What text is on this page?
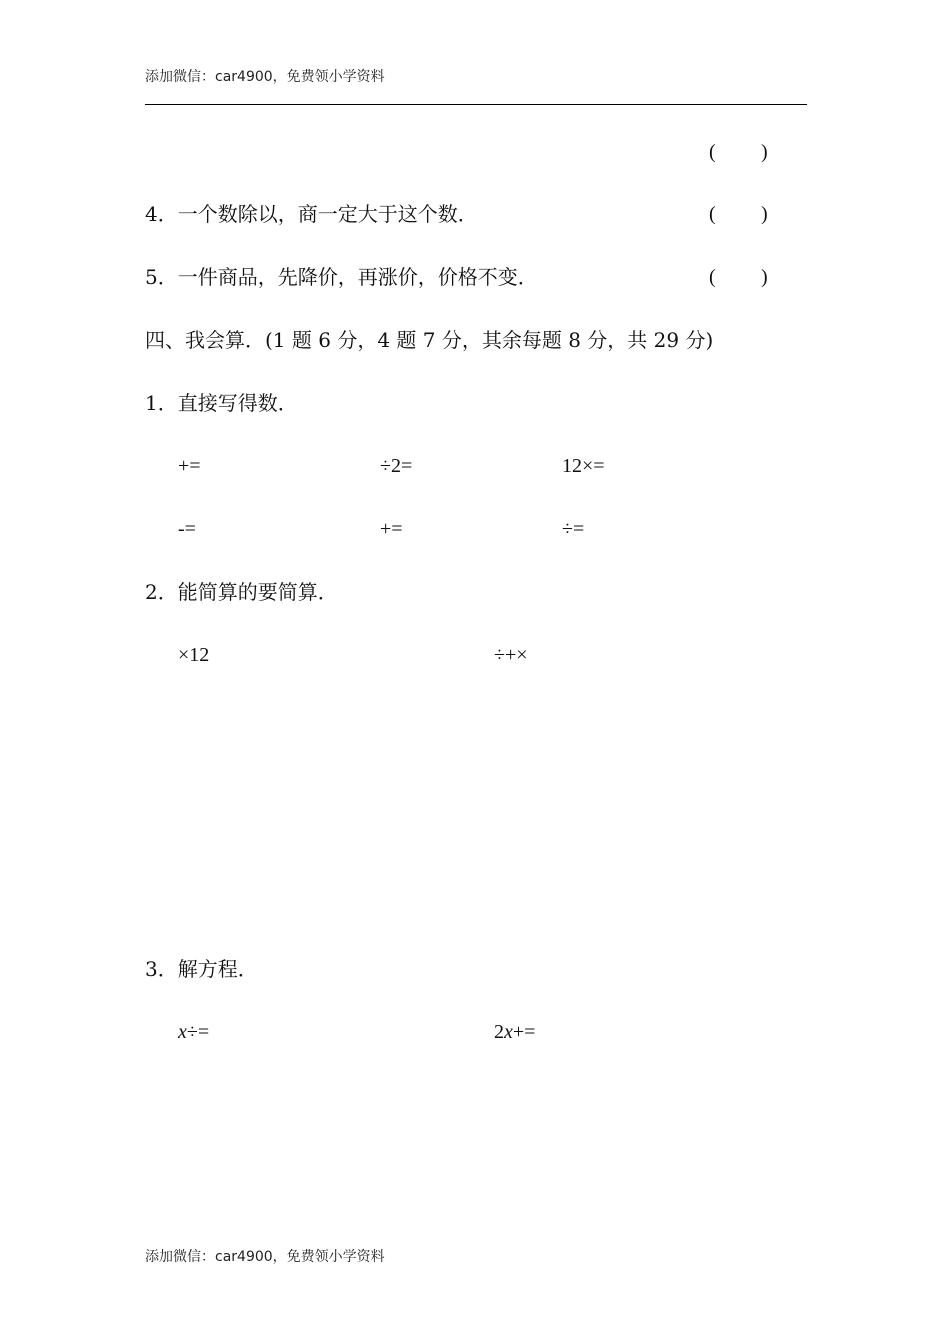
添加微信：car4900，免费领小学资料
( )
4．一个数除以，商一定大于这个数．	( )
5．一件商品，先降价，再涨价，价格不变．	( )
四、我会算．(1 题 6 分，4 题 7 分，其余每题 8 分，共 29 分)
1．直接写得数．
+=	÷2=	12×=
-=	+=	÷=
2．能简算的要简算．
×12	÷+×
3．解方程．
x÷=	2x+=
添加微信：car4900，免费领小学资料
